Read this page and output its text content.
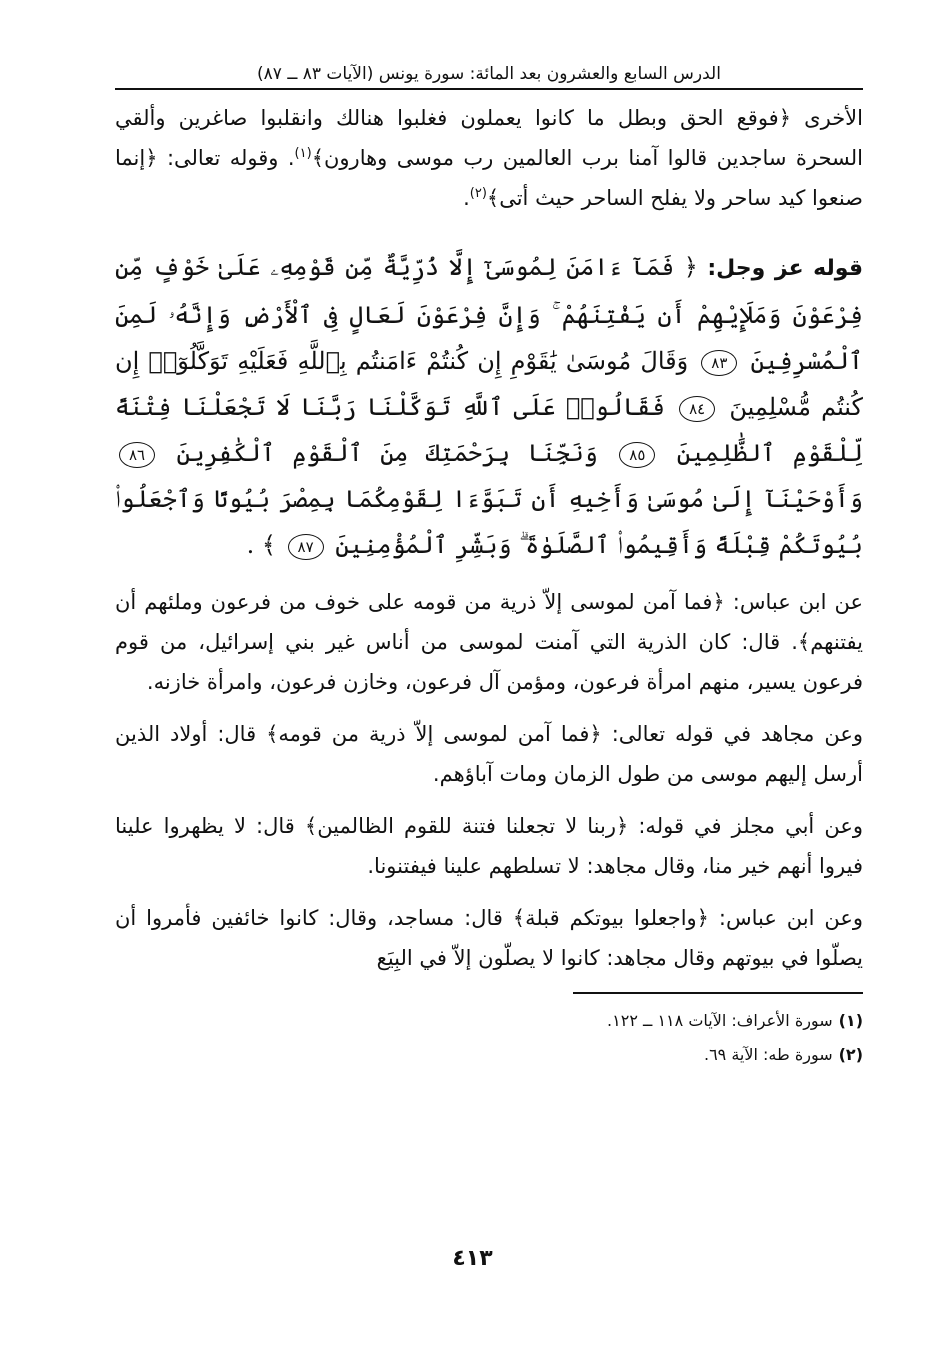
الدرس السابع والعشرون بعد المائة: سورة يونس (الآيات ٨٣ ــ ٨٧)

الأخرى ﴿فوقع الحق وبطل ما كانوا يعملون فغلبوا هنالك وانقلبوا صاغرين وألقي السحرة ساجدين قالوا آمنا برب العالمين رب موسى وهارون﴾$^{(١)}$. وقوله تعالى: ﴿إنما صنعوا كيد ساحر ولا يفلح الساحر حيث أتى﴾$^{(٢)}$.

قوله عز وجل: ﴿ فَمَآ ءَامَنَ لِمُوسَىٰٓ إِلَّا ذُرِّيَّةٌ مِّن قَوْمِهِۦ عَلَىٰ خَوْفٍ مِّن فِرْعَوْنَ وَمَلَإِيْهِمْ أَن يَفْتِنَهُمْ ۚ وَإِنَّ فِرْعَوْنَ لَعَالٍ فِى ٱلْأَرْضِ وَإِنَّهُۥ لَمِنَ ٱلْمُسْرِفِينَ ٨٣ وَقَالَ مُوسَىٰ يَٰقَوْمِ إِن كُنتُمْ ءَامَنتُم بِٱللَّهِ فَعَلَيْهِ تَوَكَّلُوٓا۟ إِن كُنتُم مُّسْلِمِينَ ٨٤ فَقَالُوا۟ عَلَى ٱللَّهِ تَوَكَّلْنَا رَبَّنَا لَا تَجْعَلْنَا فِتْنَةً لِّلْقَوْمِ ٱلظَّٰلِمِينَ ٨٥ وَنَجِّنَا بِرَحْمَتِكَ مِنَ ٱلْقَوْمِ ٱلْكَٰفِرِينَ ٨٦ وَأَوْحَيْنَآ إِلَىٰ مُوسَىٰ وَأَخِيهِ أَن تَبَوَّءَا لِقَوْمِكُمَا بِمِصْرَ بُيُوتًا وَٱجْعَلُوا۟ بُيُوتَكُمْ قِبْلَةً وَأَقِيمُوا۟ ٱلصَّلَوٰةَ ۗ وَبَشِّرِ ٱلْمُؤْمِنِينَ ٨٧ ﴾ .

عن ابن عباس: ﴿فما آمن لموسى إلاّ ذرية من قومه على خوف من فرعون وملئهم أن يفتنهم﴾. قال: كان الذرية التي آمنت لموسى من أناس غير بني إسرائيل، من قوم فرعون يسير، منهم امرأة فرعون، ومؤمن آل فرعون، وخازن فرعون، وامرأة خازنه.

وعن مجاهد في قوله تعالى: ﴿فما آمن لموسى إلاّ ذرية من قومه﴾ قال: أولاد الذين أرسل إليهم موسى من طول الزمان ومات آباؤهم.

وعن أبي مجلز في قوله: ﴿ربنا لا تجعلنا فتنة للقوم الظالمين﴾ قال: لا يظهروا علينا فيروا أنهم خير منا، وقال مجاهد: لا تسلطهم علينا فيفتنونا.

وعن ابن عباس: ﴿واجعلوا بيوتكم قبلة﴾ قال: مساجد، وقال: كانوا خائفين فأمروا أن يصلّوا في بيوتهم وقال مجاهد: كانوا لا يصلّون إلاّ في البِيَع

(١)سورة الأعراف: الآيات ١١٨ ــ ١٢٢.
(٢)سورة طه: الآية ٦٩.
٤١٣
